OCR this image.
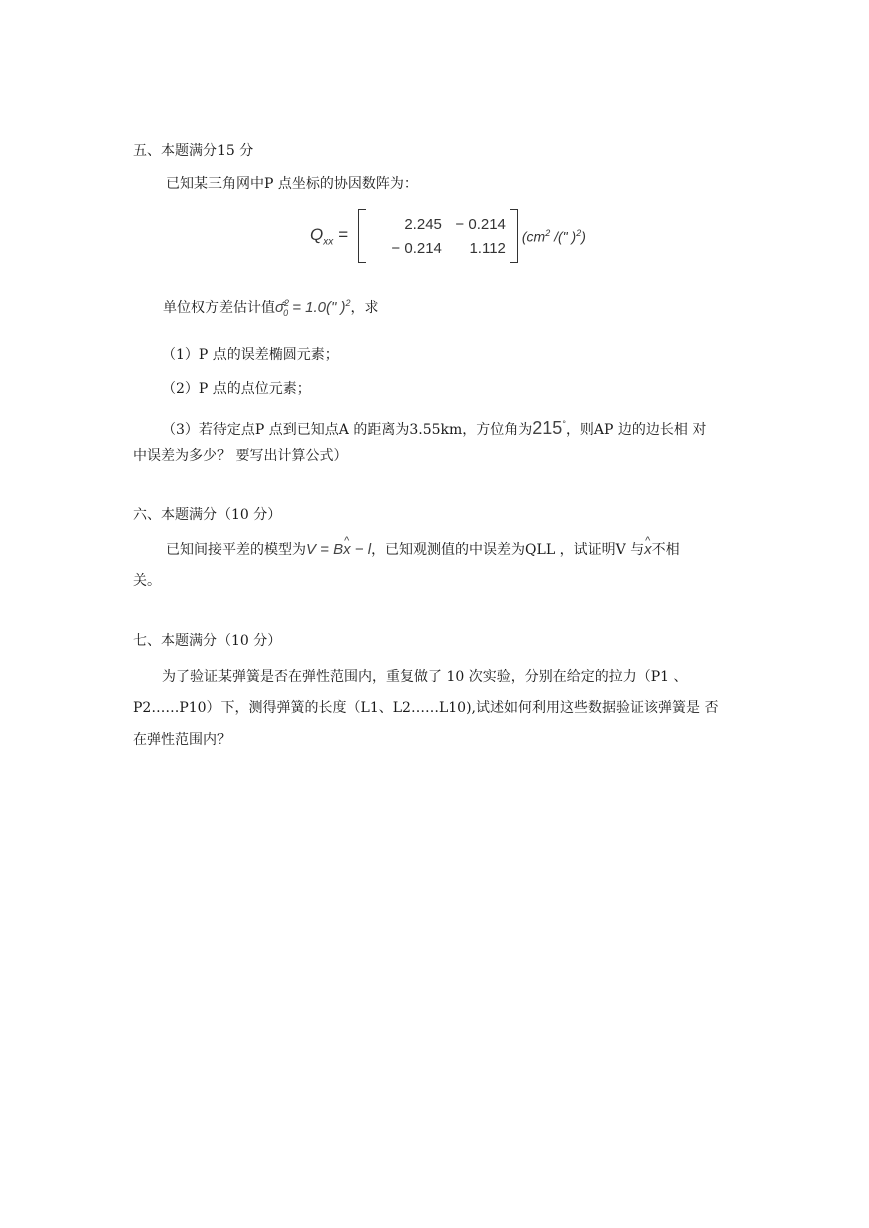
五、本题满分15 分
已知某三角网中P 点坐标的协因数阵为：
$Q_{xx}$ =
2.245 − 0.214
− 0.214	1.112
($cm^2$ /(" )$^2$)
单位权方差估计值σ̂$^2_0$ = 1.0(" )$^2$，求
（1）P 点的误差椭圆元素；
（2）P 点的点位元素；
（3）若待定点P 点到已知点A 的距离为3.55km，方位角为215°，则AP 边的边长相 对
中误差为多少？ 要写出计算公式）
六、本题满分（10 分）
已知间接平差的模型为V = B^ x − l，已知观测值的中误差为QLL ，试证明V 与^ x不相
关。
七、本题满分（10 分）
为了验证某弹簧是否在弹性范围内，重复做了 10 次实验，分别在给定的拉力（P1 、
P2……P10）下，测得弹簧的长度（L1、L2……L10),试述如何利用这些数据验证该弹簧是 否
在弹性范围内？
